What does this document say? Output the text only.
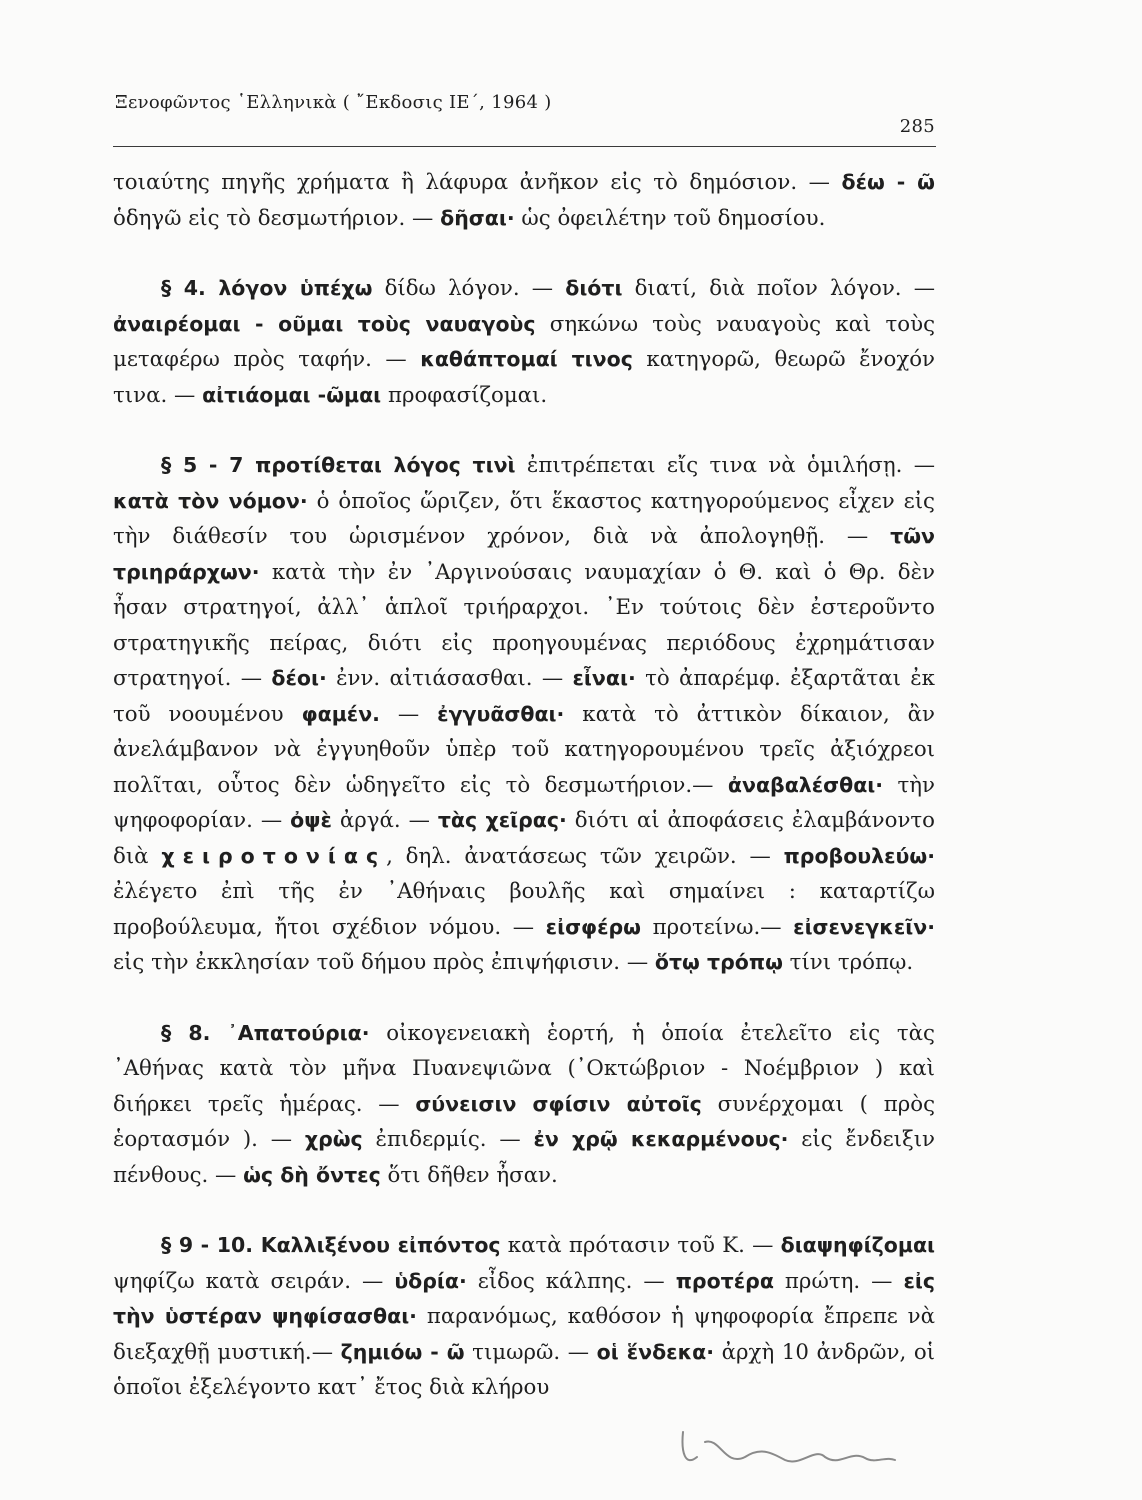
Ξενοφῶντος ῾Ελληνικὰ ( ῎Εκδοσις ΙΕ΄, 1964 )
285

τοιαύτης πηγῆς χρήματα ἢ λάφυρα ἀνῆκον εἰς τὸ δημόσιον. — δέω - ῶ ὁδηγῶ εἰς τὸ δεσμωτήριον. — δῆσαι· ὡς ὀφειλέτην τοῦ δημοσίου.

§ 4. λόγον ὑπέχω δίδω λόγον. — διότι διατί, διὰ ποῖον λόγον. — ἀναιρέομαι - οῦμαι τοὺς ναυαγοὺς σηκώνω τοὺς ναυαγοὺς καὶ τοὺς μεταφέρω πρὸς ταφήν. — καθάπτομαί τινος κατηγορῶ, θεωρῶ ἔνοχόν τινα. — αἰτιάομαι -ῶμαι προφασίζομαι.

§ 5 - 7 προτίθεται λόγος τινὶ ἐπιτρέπεται εἴς τινα νὰ ὁμιλήσῃ. — κατὰ τὸν νόμον· ὁ ὁποῖος ὥριζεν, ὅτι ἕκαστος κατηγορούμενος εἶχεν εἰς τὴν διάθεσίν του ὡρισμένον χρόνον, διὰ νὰ ἀπολογηθῇ. — τῶν τριηράρχων· κατὰ τὴν ἐν ᾿Αργινούσαις ναυμαχίαν ὁ Θ. καὶ ὁ Θρ. δὲν ἦσαν στρατηγοί, ἀλλ᾿ ἁπλοῖ τριήραρχοι. ᾿Εν τούτοις δὲν ἐστεροῦντο στρατηγικῆς πείρας, διότι εἰς προηγουμένας περιόδους ἐχρημάτισαν στρατηγοί. — δέοι· ἐνν. αἰτιάσασθαι. — εἶναι· τὸ ἀπαρέμφ. ἐξαρτᾶται ἐκ τοῦ νοουμένου φαμέν. — ἐγγυᾶσθαι· κατὰ τὸ ἀττικὸν δίκαιον, ἂν ἀνελάμβανον νὰ ἐγγυηθοῦν ὑπὲρ τοῦ κατηγορουμένου τρεῖς ἀξιόχρεοι πολῖται, οὗτος δὲν ὡδηγεῖτο εἰς τὸ δεσμωτήριον.— ἀναβαλέσθαι· τὴν ψηφοφορίαν. — ὀψὲ ἀργά. — τὰς χεῖρας· διότι αἱ ἀποφάσεις ἐλαμβάνοντο διὰ χειροτονίας, δηλ. ἀνατάσεως τῶν χειρῶν. — προβουλεύω· ἐλέγετο ἐπὶ τῆς ἐν ᾿Αθήναις βουλῆς καὶ σημαίνει : καταρτίζω προβούλευμα, ἤτοι σχέδιον νόμου. — εἰσφέρω προτείνω.— εἰσενεγκεῖν· εἰς τὴν ἐκκλησίαν τοῦ δήμου πρὸς ἐπιψήφισιν. — ὅτῳ τρόπῳ τίνι τρόπῳ.

§ 8. ᾿Απατούρια· οἰκογενειακὴ ἑορτή, ἡ ὁποία ἐτελεῖτο εἰς τὰς ᾿Αθήνας κατὰ τὸν μῆνα Πυανεψιῶνα (᾿Οκτώβριον - Νοέμβριον ) καὶ διήρκει τρεῖς ἡμέρας. — σύνεισιν σφίσιν αὐτοῖς συνέρχομαι ( πρὸς ἑορτασμόν ). — χρὼς ἐπιδερμίς. — ἐν χρῷ κεκαρμένους· εἰς ἔνδειξιν πένθους. — ὡς δὴ ὄντες ὅτι δῆθεν ἦσαν.

§ 9 - 10. Καλλιξένου εἰπόντος κατὰ πρότασιν τοῦ Κ. — διαψηφίζομαι ψηφίζω κατὰ σειράν. — ὑδρία· εἶδος κάλπης. — προτέρα πρώτη. — εἰς τὴν ὑστέραν ψηφίσασθαι· παρανόμως, καθόσον ἡ ψηφοφορία ἔπρεπε νὰ διεξαχθῇ μυστική.— ζημιόω - ῶ τιμωρῶ. — οἱ ἕνδεκα· ἀρχὴ 10 ἀνδρῶν, οἱ ὁποῖοι ἐξελέγοντο κατ᾿ ἔτος διὰ κλήρου
